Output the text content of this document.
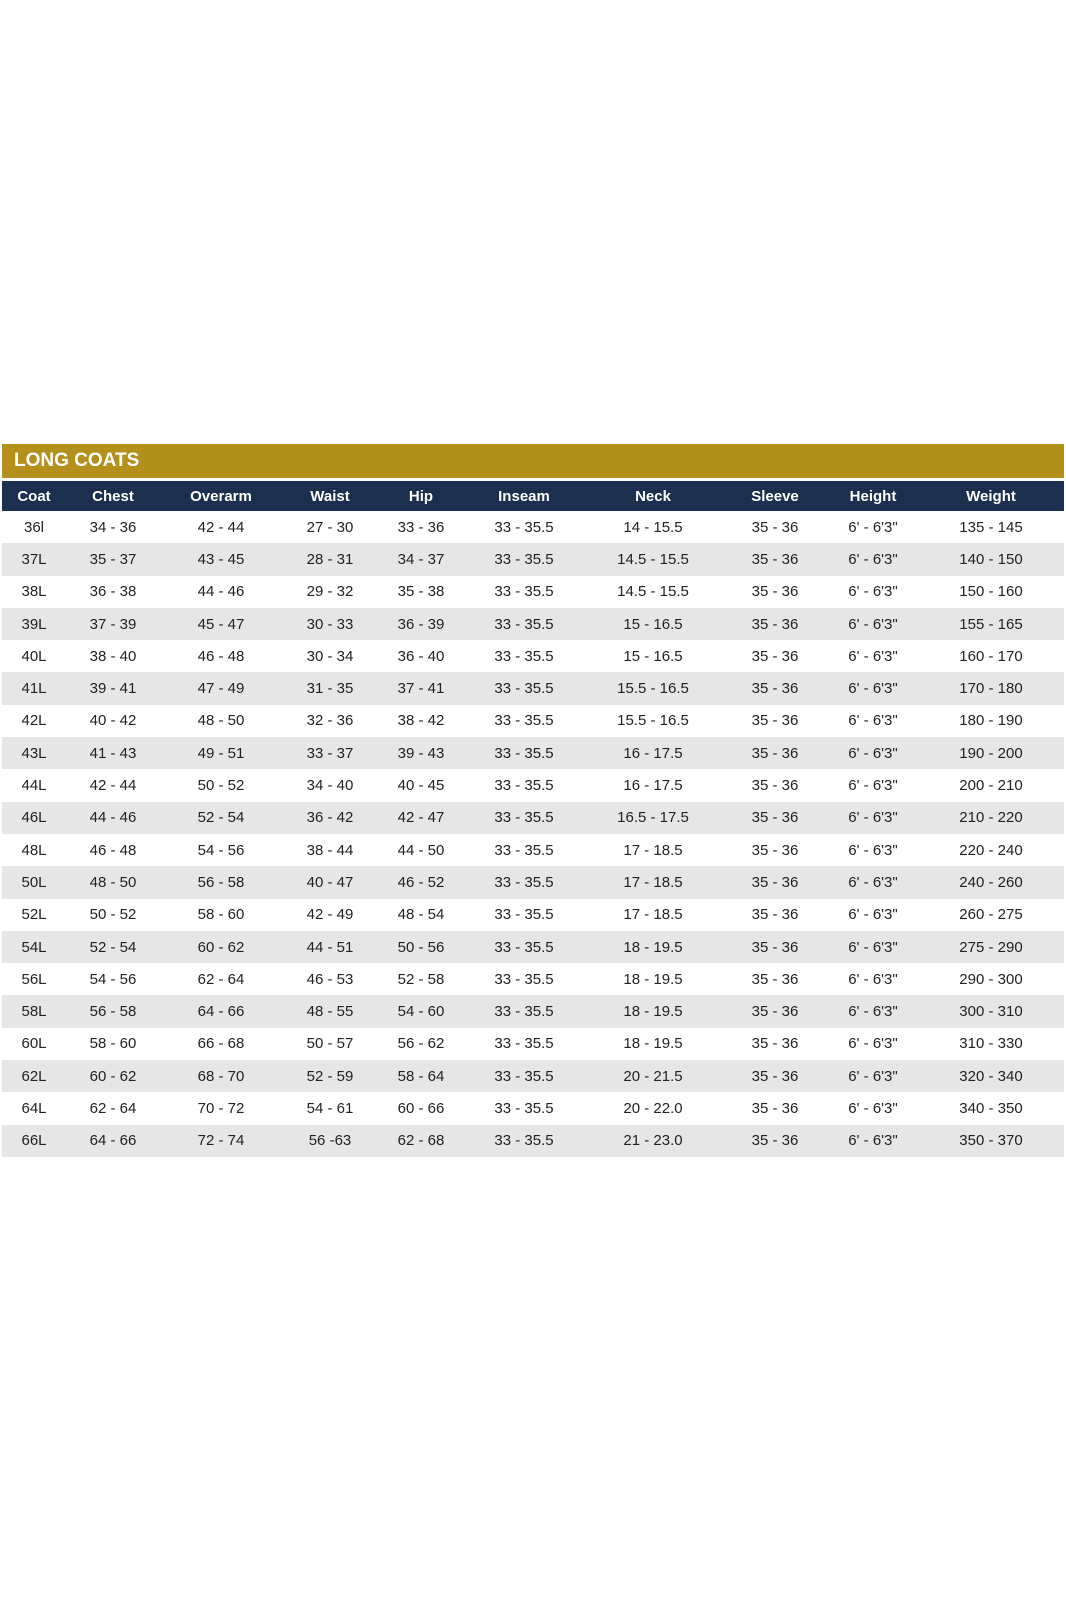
LONG COATS
Coat	Chest	Overarm	Waist	Hip	Inseam	Neck	Sleeve	Height	Weight
36l	34 - 36	42 - 44	27 - 30	33 - 36	33 - 35.5	14 - 15.5	35 - 36	6' - 6'3"	135 - 145
37L	35 - 37	43 - 45	28 - 31	34 - 37	33 - 35.5	14.5 - 15.5	35 - 36	6' - 6'3"	140 - 150
38L	36 - 38	44 - 46	29 - 32	35 - 38	33 - 35.5	14.5 - 15.5	35 - 36	6' - 6'3"	150 - 160
39L	37 - 39	45 - 47	30 - 33	36 - 39	33 - 35.5	15 - 16.5	35 - 36	6' - 6'3"	155 - 165
40L	38 - 40	46 - 48	30 - 34	36 - 40	33 - 35.5	15 - 16.5	35 - 36	6' - 6'3"	160 - 170
41L	39 - 41	47 - 49	31 - 35	37 - 41	33 - 35.5	15.5 - 16.5	35 - 36	6' - 6'3"	170 - 180
42L	40 - 42	48 - 50	32 - 36	38 - 42	33 - 35.5	15.5 - 16.5	35 - 36	6' - 6'3"	180 - 190
43L	41 - 43	49 - 51	33 - 37	39 - 43	33 - 35.5	16 - 17.5	35 - 36	6' - 6'3"	190 - 200
44L	42 - 44	50 - 52	34 - 40	40 - 45	33 - 35.5	16 - 17.5	35 - 36	6' - 6'3"	200 - 210
46L	44 - 46	52 - 54	36 - 42	42 - 47	33 - 35.5	16.5 - 17.5	35 - 36	6' - 6'3"	210 - 220
48L	46 - 48	54 - 56	38 - 44	44 - 50	33 - 35.5	17 - 18.5	35 - 36	6' - 6'3"	220 - 240
50L	48 - 50	56 - 58	40 - 47	46 - 52	33 - 35.5	17 - 18.5	35 - 36	6' - 6'3"	240 - 260
52L	50 - 52	58 - 60	42 - 49	48 - 54	33 - 35.5	17 - 18.5	35 - 36	6' - 6'3"	260 - 275
54L	52 - 54	60 - 62	44 - 51	50 - 56	33 - 35.5	18 - 19.5	35 - 36	6' - 6'3"	275 - 290
56L	54 - 56	62 - 64	46 - 53	52 - 58	33 - 35.5	18 - 19.5	35 - 36	6' - 6'3"	290 - 300
58L	56 - 58	64 - 66	48 - 55	54 - 60	33 - 35.5	18 - 19.5	35 - 36	6' - 6'3"	300 - 310
60L	58 - 60	66 - 68	50 - 57	56 - 62	33 - 35.5	18 - 19.5	35 - 36	6' - 6'3"	310 - 330
62L	60 - 62	68 - 70	52 - 59	58 - 64	33 - 35.5	20 - 21.5	35 - 36	6' - 6'3"	320 - 340
64L	62 - 64	70 - 72	54 - 61	60 - 66	33 - 35.5	20 - 22.0	35 - 36	6' - 6'3"	340 - 350
66L	64 - 66	72 - 74	56 -63	62 - 68	33 - 35.5	21 - 23.0	35 - 36	6' - 6'3"	350 - 370
